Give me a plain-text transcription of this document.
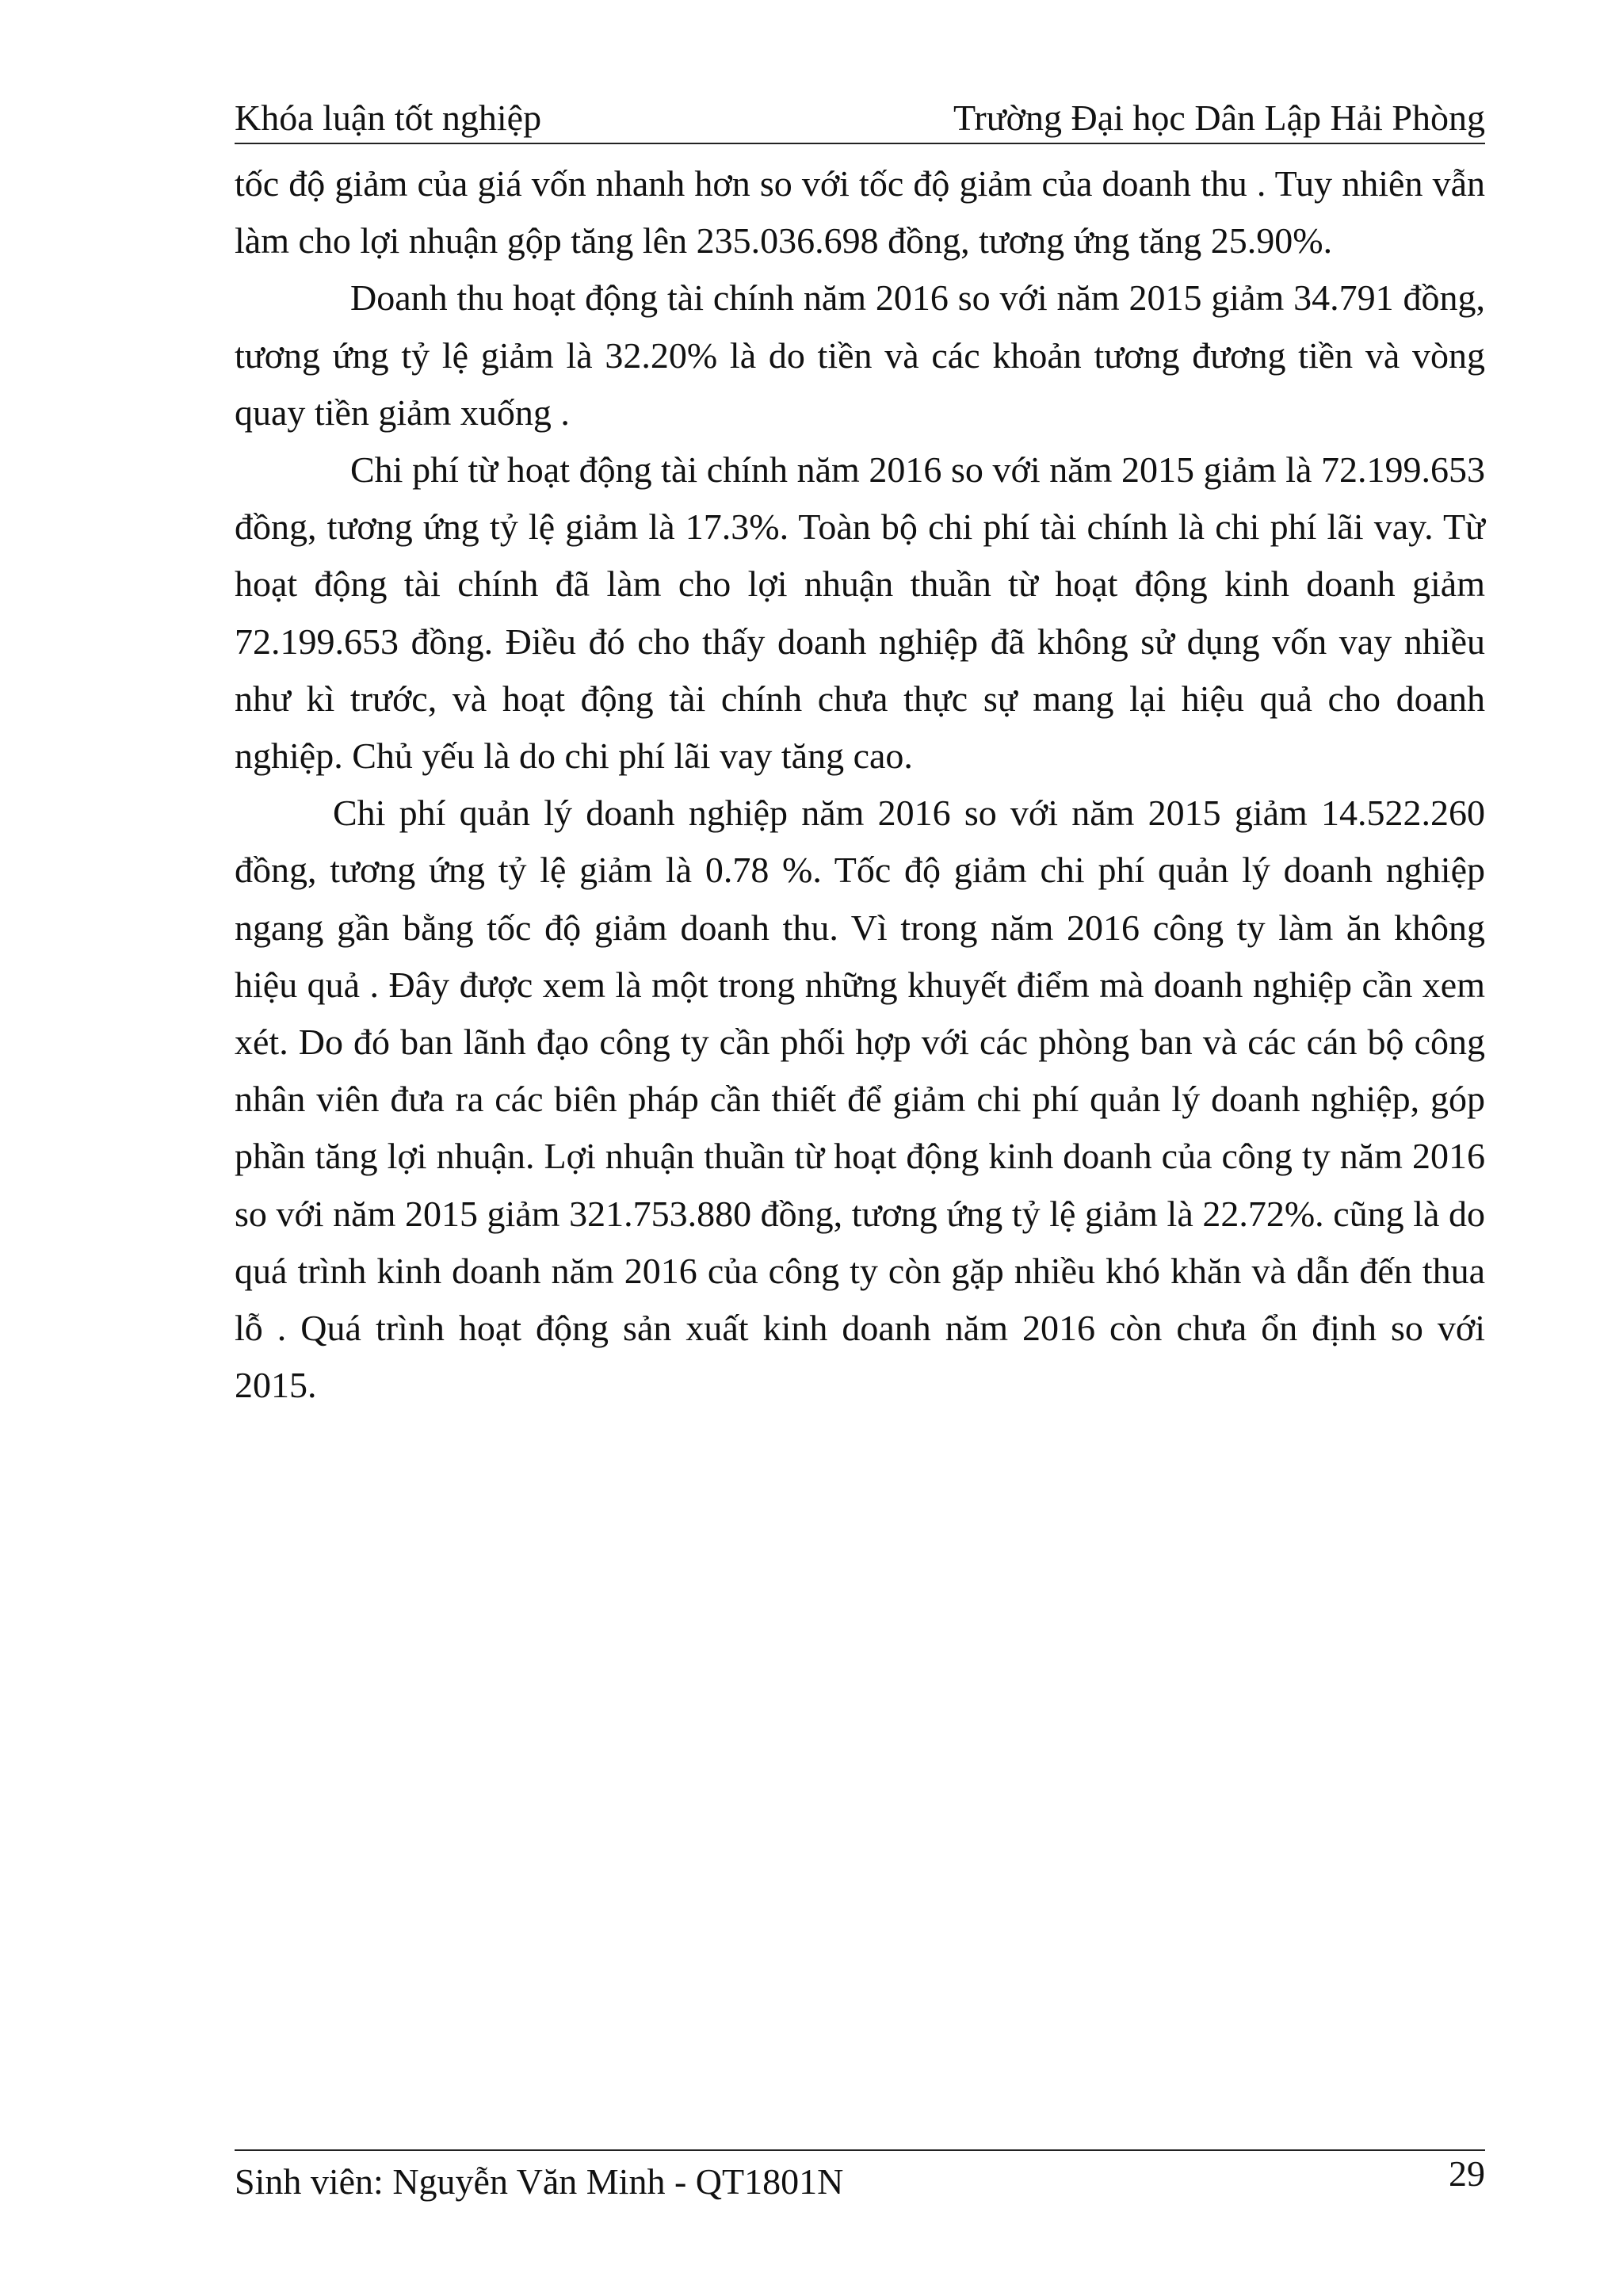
Khóa luận tốt nghiệp	Trường Đại học Dân Lập Hải Phòng

tốc độ giảm của giá vốn nhanh hơn so với tốc độ giảm của doanh thu . Tuy nhiên vẫn làm cho lợi nhuận gộp tăng lên 235.036.698 đồng, tương ứng tăng 25.90%.

Doanh thu hoạt động tài chính năm 2016 so với năm 2015 giảm 34.791 đồng, tương ứng tỷ lệ giảm là 32.20% là do tiền và các khoản tương đương tiền và vòng quay tiền giảm xuống .

Chi phí từ hoạt động tài chính năm 2016 so với năm 2015 giảm là 72.199.653 đồng, tương ứng tỷ lệ giảm là 17.3%. Toàn bộ chi phí tài chính là chi phí lãi vay. Từ hoạt động tài chính đã làm cho lợi nhuận thuần từ hoạt động kinh doanh giảm 72.199.653 đồng. Điều đó cho thấy doanh nghiệp đã không sử dụng vốn vay nhiều như kì trước, và hoạt động tài chính chưa thực sự mang lại hiệu quả cho doanh nghiệp. Chủ yếu là do chi phí lãi vay tăng cao.

Chi phí quản lý doanh nghiệp năm 2016 so với năm 2015 giảm 14.522.260 đồng, tương ứng tỷ lệ giảm là 0.78 %. Tốc độ giảm chi phí quản lý doanh nghiệp ngang gần bằng tốc độ giảm doanh thu. Vì trong năm 2016 công ty làm ăn không hiệu quả . Đây được xem là một trong những khuyết điểm mà doanh nghiệp cần xem xét. Do đó ban lãnh đạo công ty cần phối hợp với các phòng ban và các cán bộ công nhân viên đưa ra các biên pháp cần thiết để giảm chi phí quản lý doanh nghiệp, góp phần tăng lợi nhuận. Lợi nhuận thuần từ hoạt động kinh doanh của công ty năm 2016 so với năm 2015 giảm 321.753.880 đồng, tương ứng tỷ lệ giảm là 22.72%. cũng là do quá trình kinh doanh năm 2016 của công ty còn gặp nhiều khó khăn và dẫn đến thua lỗ . Quá trình hoạt động sản xuất kinh doanh năm 2016 còn chưa ổn định so với 2015.

Sinh viên: Nguyễn Văn Minh - QT1801N	29
